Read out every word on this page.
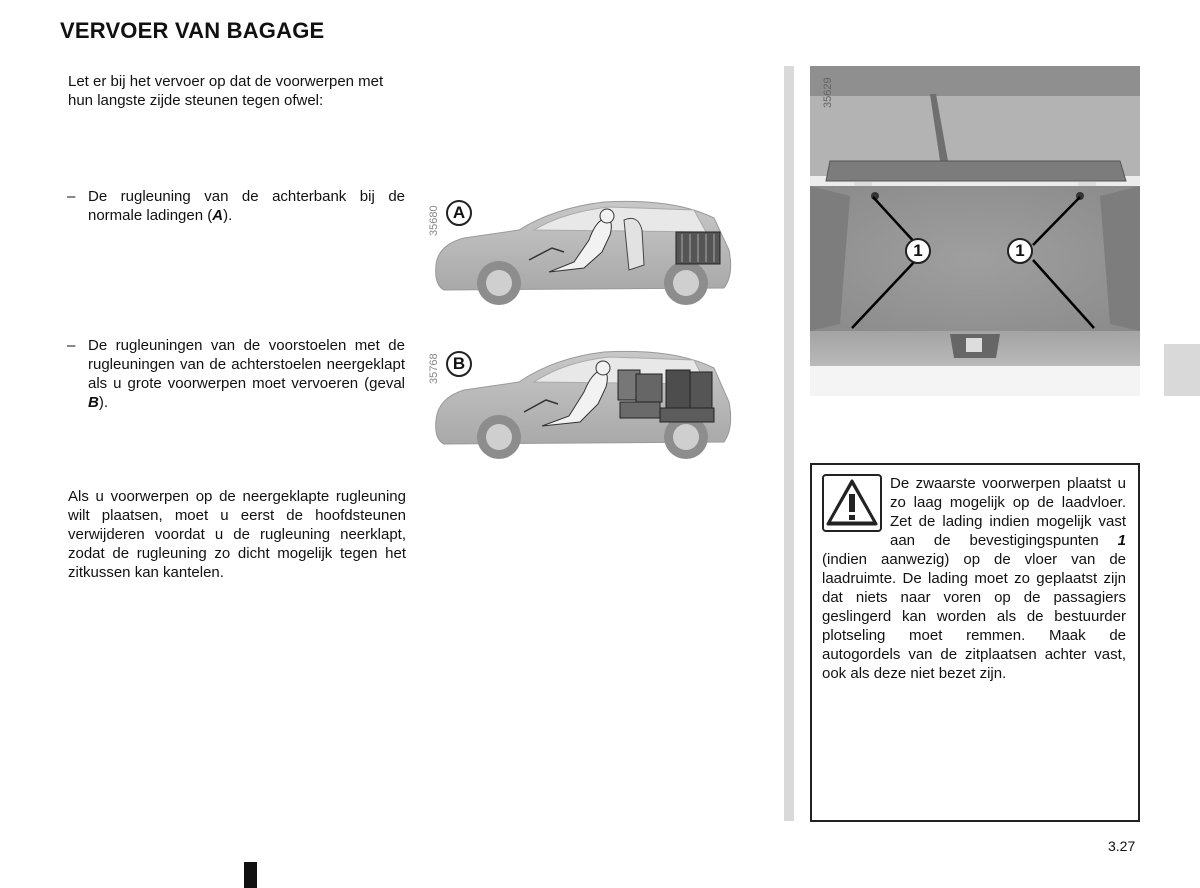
VERVOER VAN BAGAGE
Let er bij het vervoer op dat de voorwerpen met hun langste zijde steunen tegen ofwel:
– De rugleuning van de achterbank bij de normale ladingen (A).
– De rugleuningen van de voorstoelen met de rugleuningen van de achterstoelen neergeklapt als u grote voorwerpen moet vervoeren (geval B).
Als u voorwerpen op de neergeklapte rugleuning wilt plaatsen, moet u eerst de hoofdsteunen verwijderen voordat u de rugleuning neerklapt, zodat de rugleuning zo dicht mogelijk tegen het zitkussen kan kantelen.
35680 A
35768 B
35629
1	1
De zwaarste voorwerpen plaatst u zo laag mogelijk op de laadvloer. Zet de lading indien mogelijk vast aan de bevestigingspunten 1 (indien aanwezig) op de vloer van de laadruimte. De lading moet zo geplaatst zijn dat niets naar voren op de passagiers geslingerd kan worden als de bestuurder plotseling moet remmen. Maak de autogordels van de zitplaatsen achter vast, ook als deze niet bezet zijn.
3.27
